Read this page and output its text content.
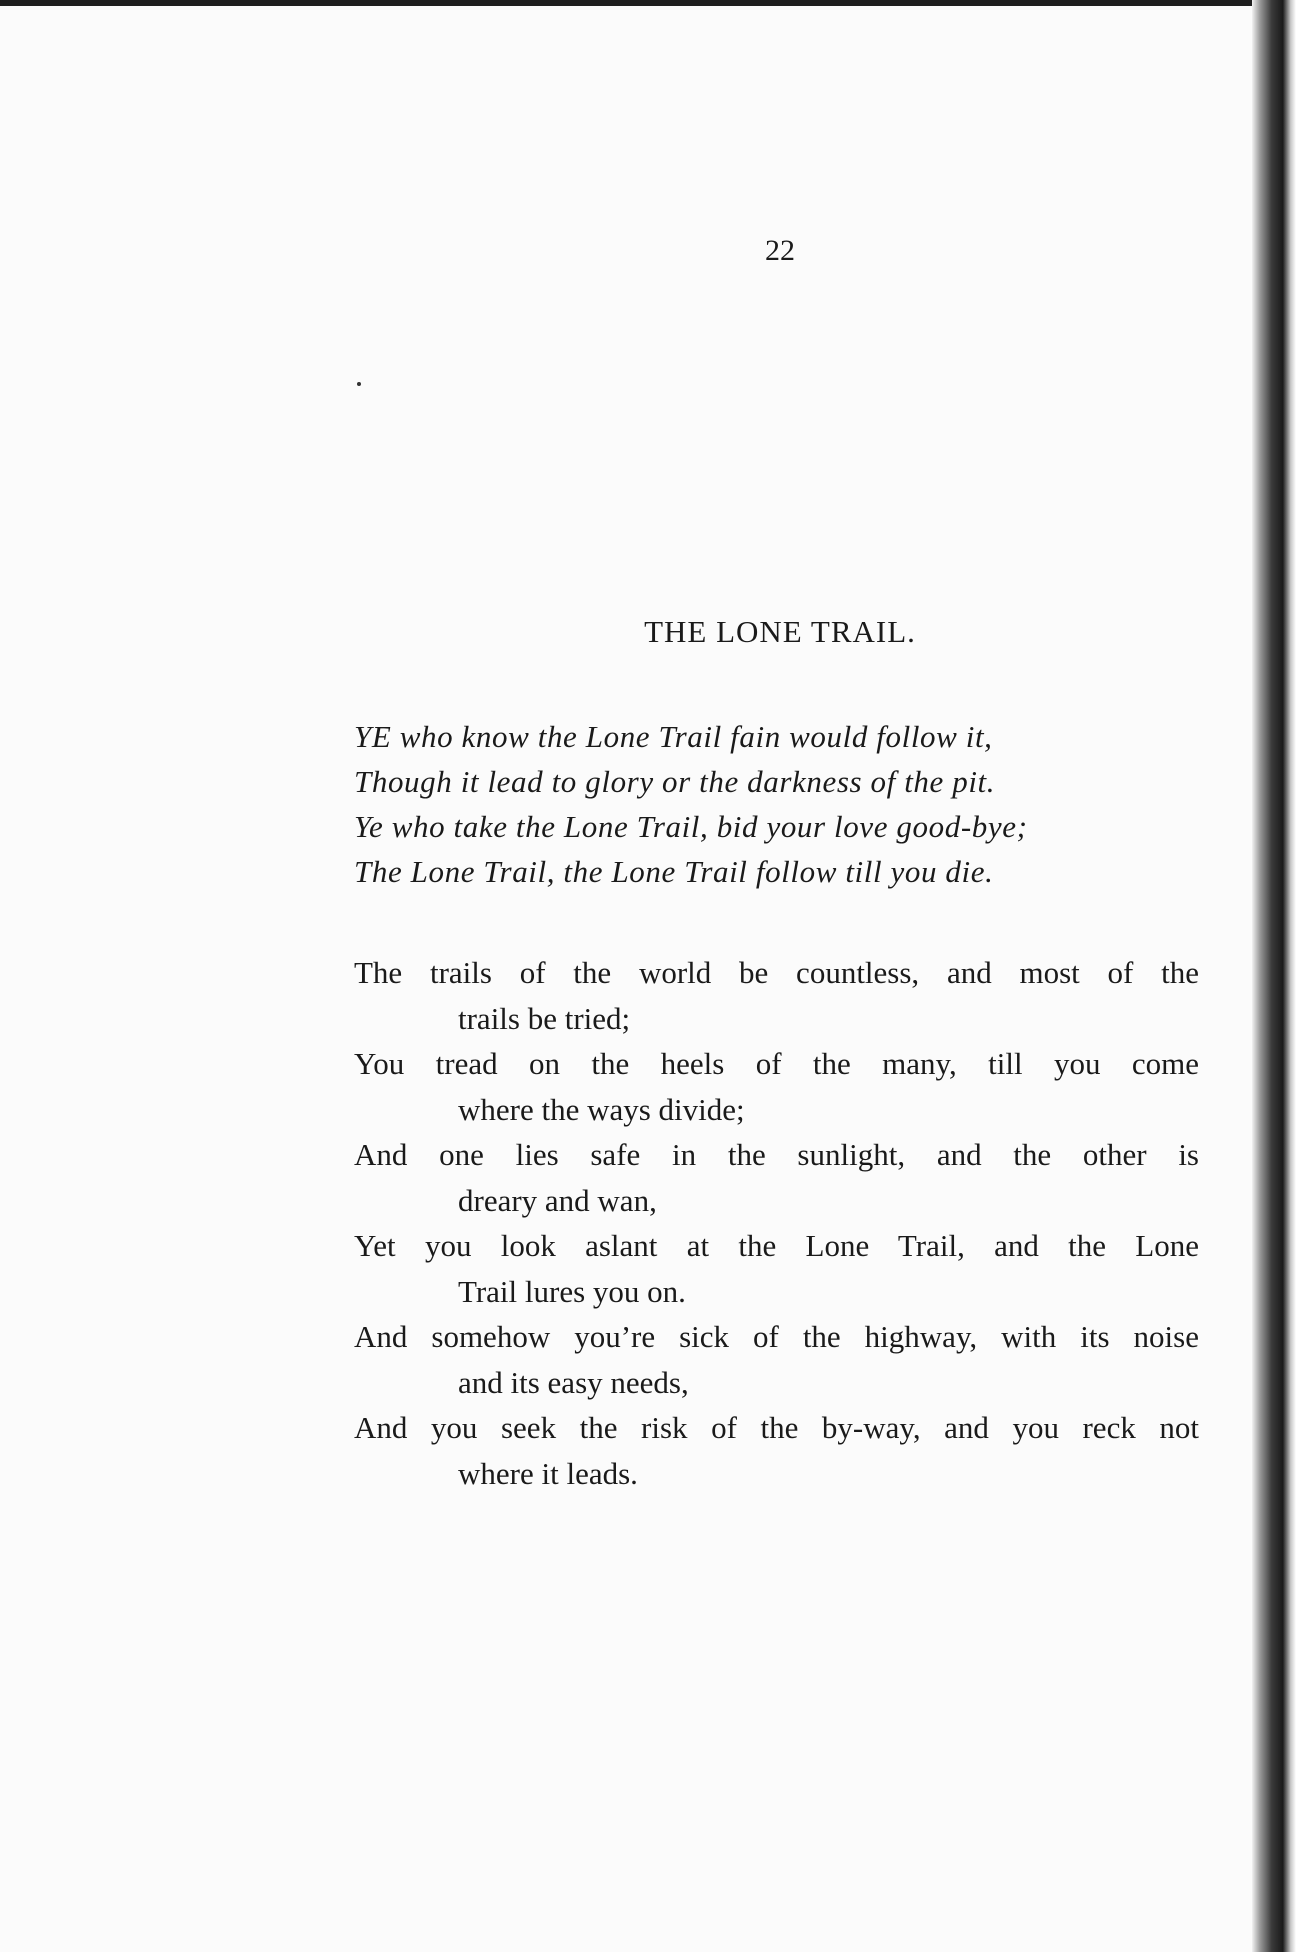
22
THE LONE TRAIL.
YE who know the Lone Trail fain would follow it,
Though it lead to glory or the darkness of the pit.
Ye who take the Lone Trail, bid your love good-bye;
The Lone Trail, the Lone Trail follow till you die.
The trails of the world be countless, and most of the
trails be tried;
You tread on the heels of the many, till you come
where the ways divide;
And one lies safe in the sunlight, and the other is
dreary and wan,
Yet you look aslant at the Lone Trail, and the Lone
Trail lures you on.
And somehow you’re sick of the highway, with its noise
and its easy needs,
And you seek the risk of the by-way, and you reck not
where it leads.
